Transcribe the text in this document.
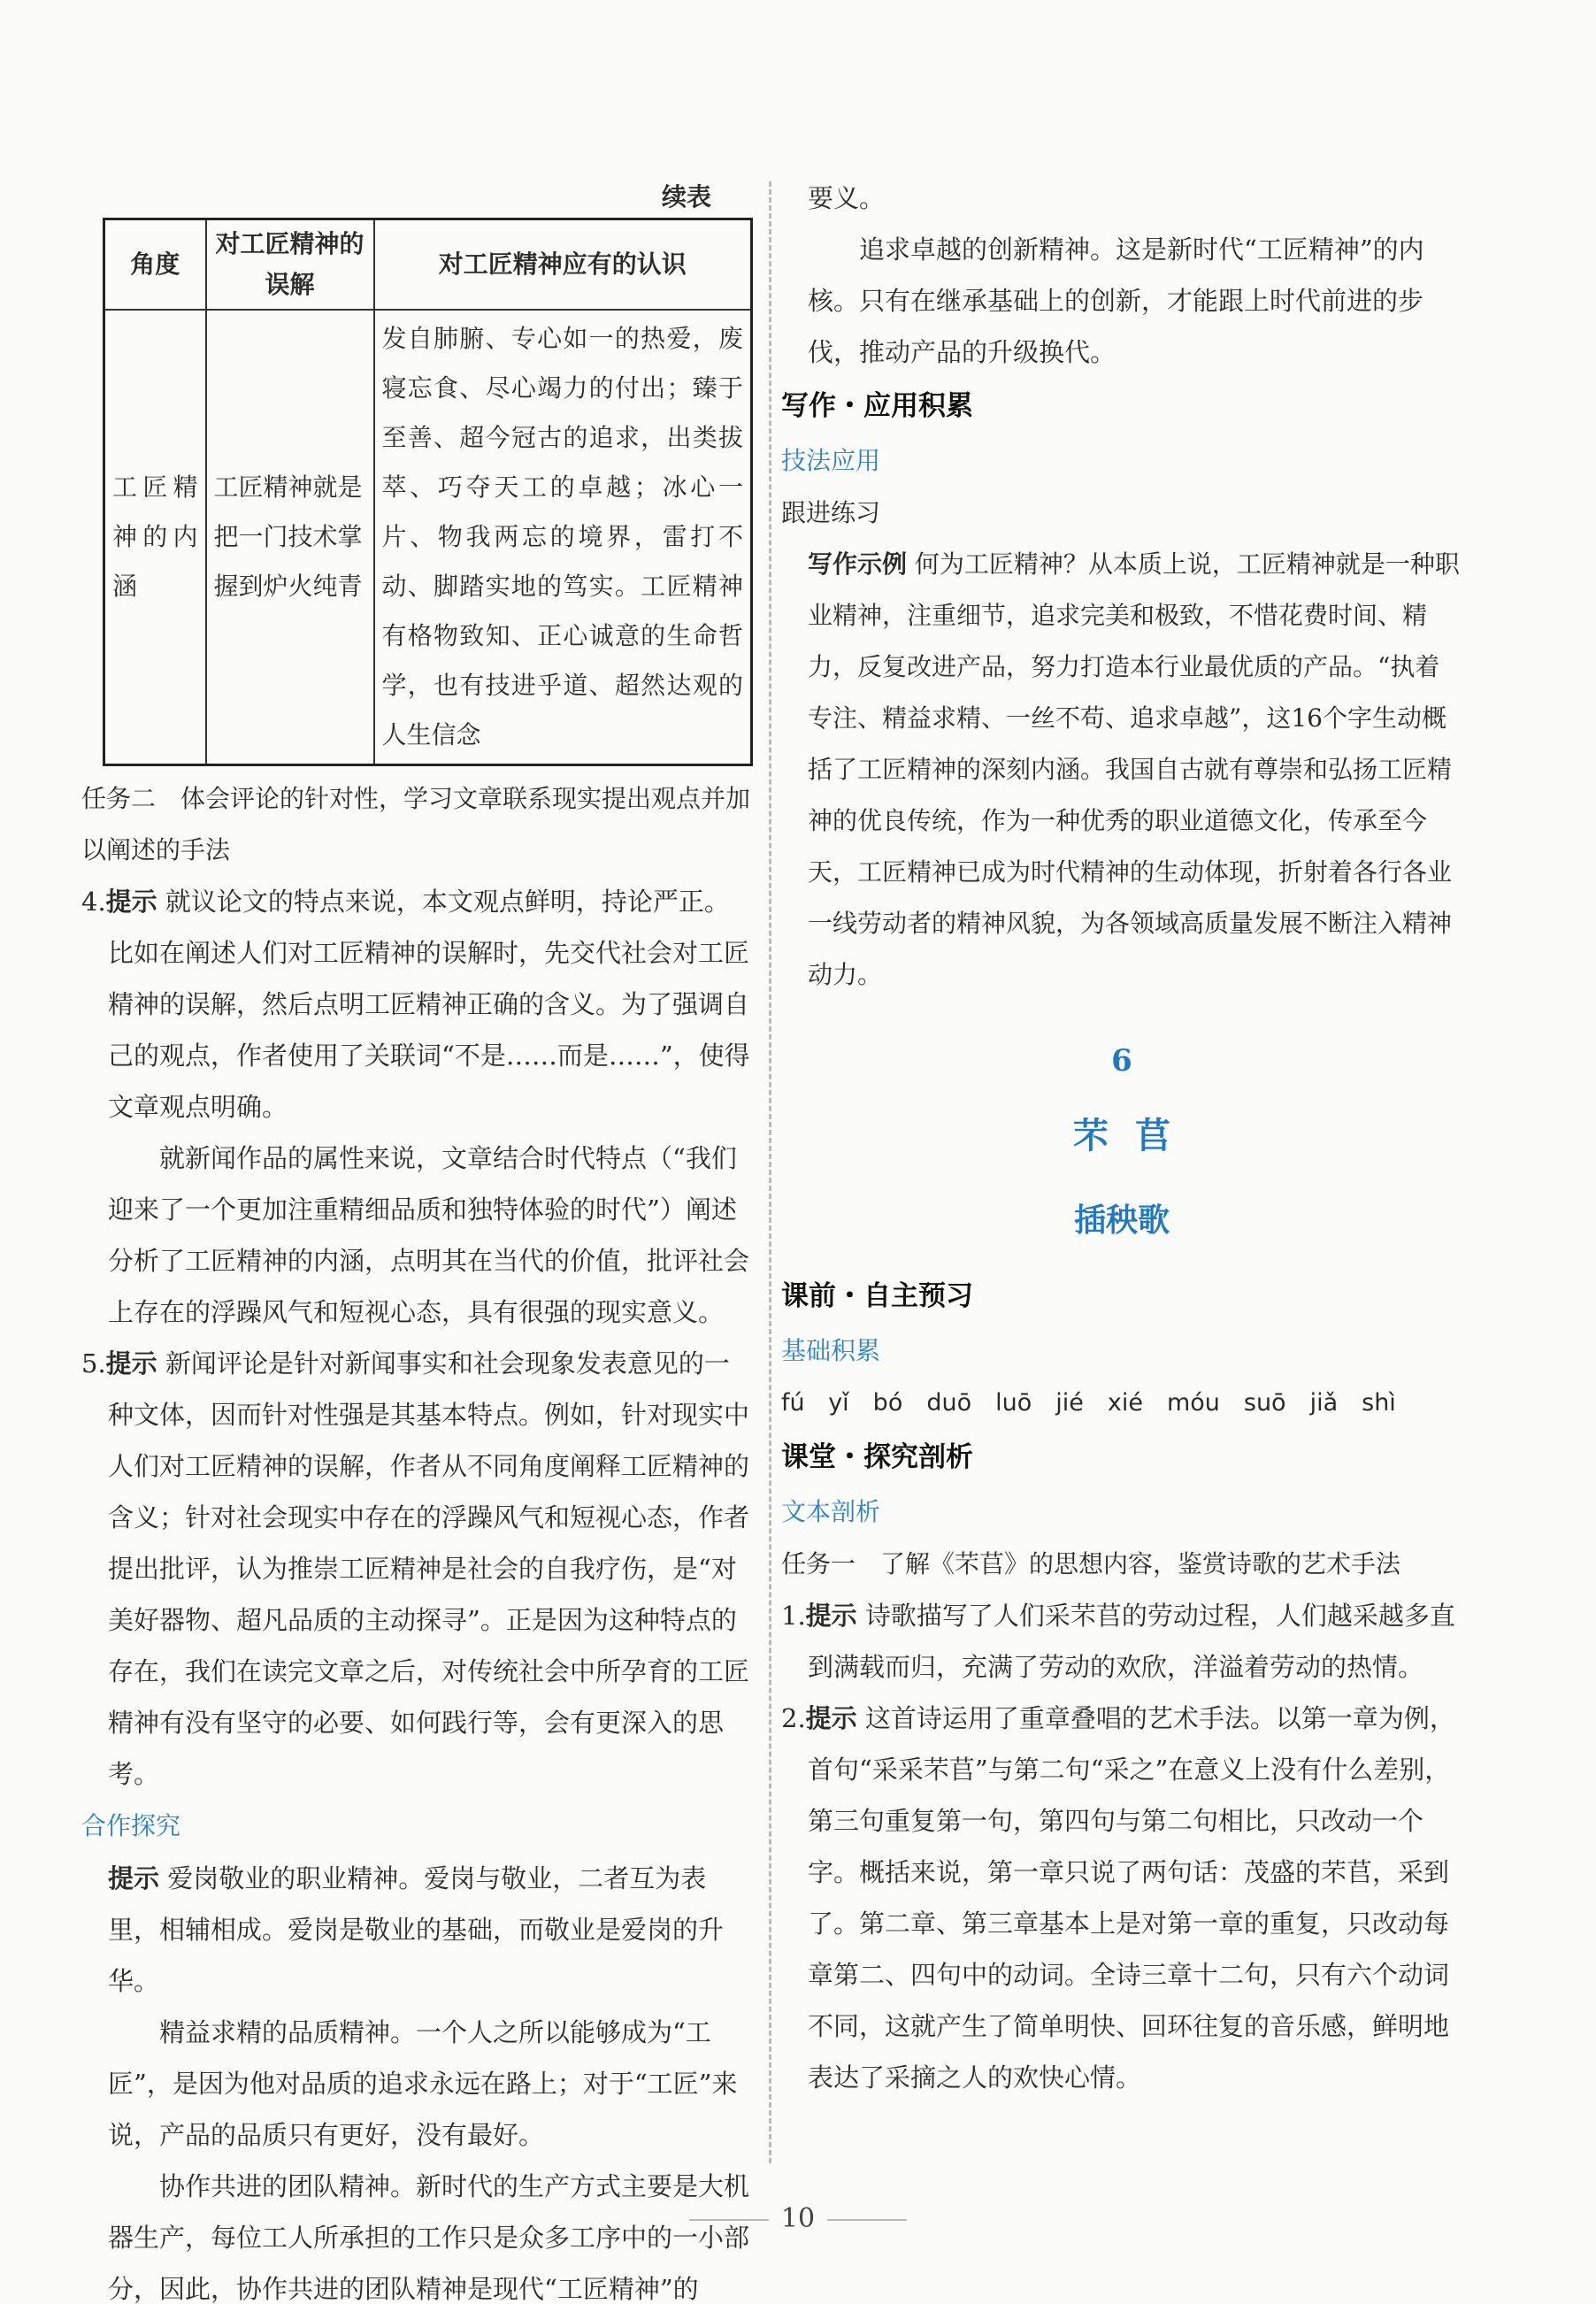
续表
角度	对工匠精神的误解	对工匠精神应有的认识
工匠精神的内涵	工匠精神就是把一门技术掌握到炉火纯青	发自肺腑、专心如一的热爱，废寝忘食、尽心竭力的付出；臻于至善、超今冠古的追求，出类拔萃、巧夺天工的卓越；冰心一片、物我两忘的境界，雷打不动、脚踏实地的笃实。工匠精神有格物致知、正心诚意的生命哲学，也有技进乎道、超然达观的人生信念

任务二　体会评论的针对性，学习文章联系现实提出观点并加以阐述的手法

4.提示 就议论文的特点来说，本文观点鲜明，持论严正。比如在阐述人们对工匠精神的误解时，先交代社会对工匠精神的误解，然后点明工匠精神正确的含义。为了强调自己的观点，作者使用了关联词“不是……而是……”，使得文章观点明确。

就新闻作品的属性来说，文章结合时代特点（“我们迎来了一个更加注重精细品质和独特体验的时代”）阐述分析了工匠精神的内涵，点明其在当代的价值，批评社会上存在的浮躁风气和短视心态，具有很强的现实意义。

5.提示 新闻评论是针对新闻事实和社会现象发表意见的一种文体，因而针对性强是其基本特点。例如，针对现实中人们对工匠精神的误解，作者从不同角度阐释工匠精神的含义；针对社会现实中存在的浮躁风气和短视心态，作者提出批评，认为推崇工匠精神是社会的自我疗伤，是“对美好器物、超凡品质的主动探寻”。正是因为这种特点的存在，我们在读完文章之后，对传统社会中所孕育的工匠精神有没有坚守的必要、如何践行等，会有更深入的思考。

合作探究

提示 爱岗敬业的职业精神。爱岗与敬业，二者互为表里，相辅相成。爱岗是敬业的基础，而敬业是爱岗的升华。

精益求精的品质精神。一个人之所以能够成为“工匠”，是因为他对品质的追求永远在路上；对于“工匠”来说，产品的品质只有更好，没有最好。

协作共进的团队精神。新时代的生产方式主要是大机器生产，每位工人所承担的工作只是众多工序中的一小部分，因此，协作共进的团队精神是现代“工匠精神”的

要义。

追求卓越的创新精神。这是新时代“工匠精神”的内核。只有在继承基础上的创新，才能跟上时代前进的步伐，推动产品的升级换代。

写作・应用积累
技法应用
跟进练习

写作示例 何为工匠精神？从本质上说，工匠精神就是一种职业精神，注重细节，追求完美和极致，不惜花费时间、精力，反复改进产品，努力打造本行业最优质的产品。“执着专注、精益求精、一丝不苟、追求卓越”，这16个字生动概括了工匠精神的深刻内涵。我国自古就有尊崇和弘扬工匠精神的优良传统，作为一种优秀的职业道德文化，传承至今天，工匠精神已成为时代精神的生动体现，折射着各行各业一线劳动者的精神风貌，为各领域高质量发展不断注入精神动力。

6
芣苢
插秧歌
课前・自主预习
基础积累
fú yǐ　bó　duō　luō　jié　xié　móu　suō　jiǎ　shì
课堂・探究剖析
文本剖析

任务一　了解《芣苢》的思想内容，鉴赏诗歌的艺术手法

1.提示 诗歌描写了人们采芣苢的劳动过程，人们越采越多直到满载而归，充满了劳动的欢欣，洋溢着劳动的热情。

2.提示 这首诗运用了重章叠唱的艺术手法。以第一章为例，首句“采采芣苢”与第二句“采之”在意义上没有什么差别，第三句重复第一句，第四句与第二句相比，只改动一个字。概括来说，第一章只说了两句话：茂盛的芣苢，采到了。第二章、第三章基本上是对第一章的重复，只改动每章第二、四句中的动词。全诗三章十二句，只有六个动词不同，这就产生了简单明快、回环往复的音乐感，鲜明地表达了采摘之人的欢快心情。

10
